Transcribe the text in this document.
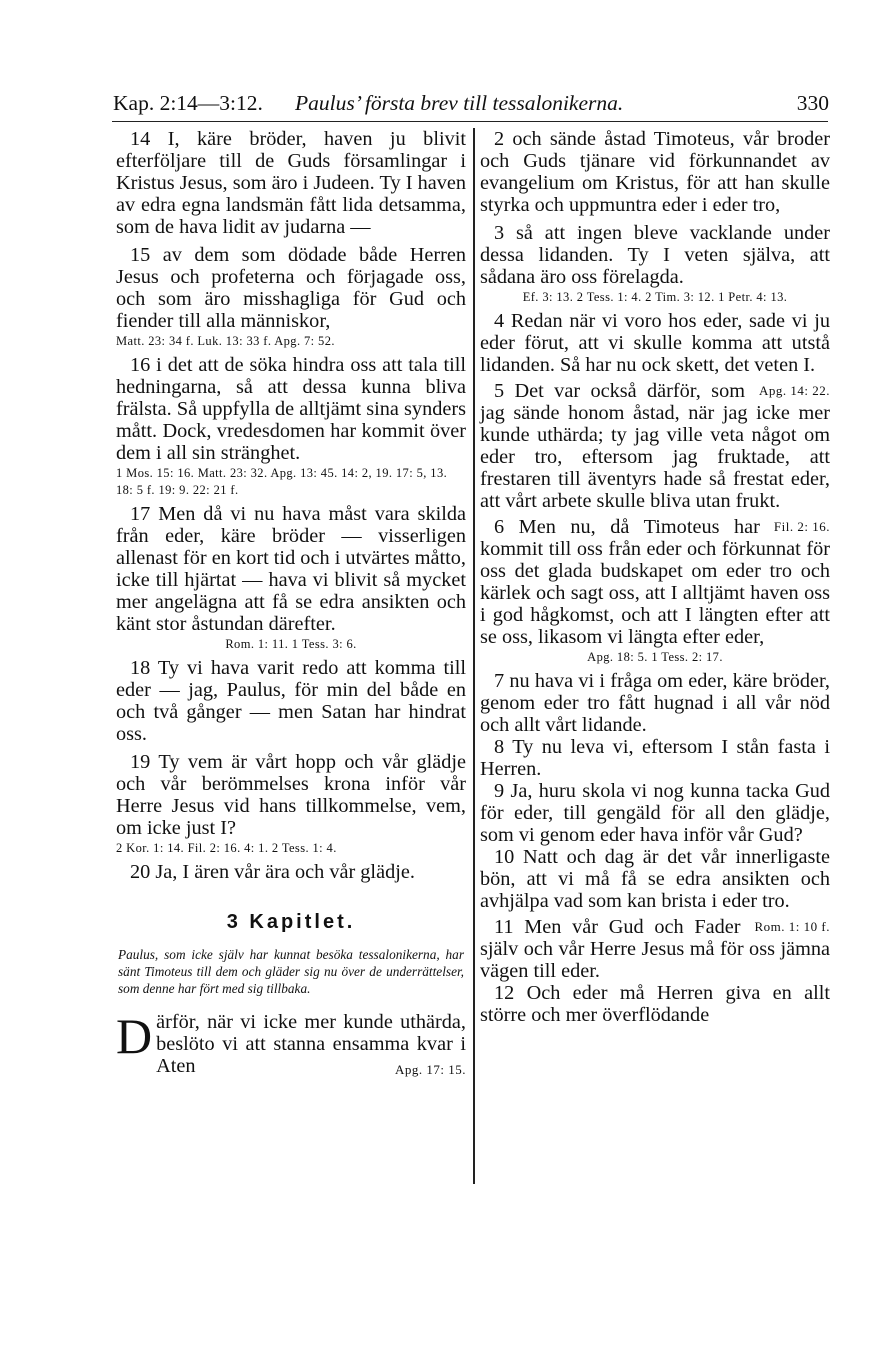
Kap. 2:14—3:12. Paulus’ första brev till tessalonikerna.	330

14 I, käre bröder, haven ju blivit efterföljare till de Guds församlingar i Kristus Jesus, som äro i Judeen. Ty I haven av edra egna landsmän fått lida detsamma, som de hava lidit av judarna —

15 av dem som dödade både Herren Jesus och profeterna och förjagade oss, och som äro misshagliga för Gud och fiender till alla människor,

Matt. 23: 34 f. Luk. 13: 33 f. Apg. 7: 52.

16 i det att de söka hindra oss att tala till hedningarna, så att dessa kunna bliva frälsta. Så uppfylla de alltjämt sina synders mått. Dock, vredesdomen har kommit över dem i all sin stränghet.

1 Mos. 15: 16. Matt. 23: 32. Apg. 13: 45. 14: 2, 19. 17: 5, 13. 18: 5 f. 19: 9. 22: 21 f.

17 Men då vi nu hava måst vara skilda från eder, käre bröder — visserligen allenast för en kort tid och i utvärtes måtto, icke till hjärtat — hava vi blivit så mycket mer angelägna att få se edra ansikten och känt stor åstundan därefter.

Rom. 1: 11. 1 Tess. 3: 6.

18 Ty vi hava varit redo att komma till eder — jag, Paulus, för min del både en och två gånger — men Satan har hindrat oss.

19 Ty vem är vårt hopp och vår glädje och vår berömmelses krona inför vår Herre Jesus vid hans tillkommelse, vem, om icke just I?

2 Kor. 1: 14. Fil. 2: 16. 4: 1. 2 Tess. 1: 4.

20 Ja, I ären vår ära och vår glädje.

3 Kapitlet.

Paulus, som icke själv har kunnat besöka tessalonikerna, har sänt Timoteus till dem och gläder sig nu över de underrättelser, som denne har fört med sig tillbaka.

Därför, när vi icke mer kunde uthärda, beslöto vi att stanna ensamma kvar i Aten	Apg. 17: 15.

2 och sände åstad Timoteus, vår broder och Guds tjänare vid förkunnandet av evangelium om Kristus, för att han skulle styrka och uppmuntra eder i eder tro,

3 så att ingen bleve vacklande under dessa lidanden. Ty I veten själva, att sådana äro oss förelagda.

Ef. 3: 13. 2 Tess. 1: 4. 2 Tim. 3: 12. 1 Petr. 4: 13.

4 Redan när vi voro hos eder, sade vi ju eder förut, att vi skulle komma att utstå lidanden. Så har nu ock skett, det veten I.
Apg. 14: 22.

5 Det var också därför, som jag sände honom åstad, när jag icke mer kunde uthärda; ty jag ville veta något om eder tro, eftersom jag fruktade, att frestaren till äventyrs hade så frestat eder, att vårt arbete skulle bliva utan frukt.
Fil. 2: 16.

6 Men nu, då Timoteus har kommit till oss från eder och förkunnat för oss det glada budskapet om eder tro och kärlek och sagt oss, att I alltjämt haven oss i god hågkomst, och att I längten efter att se oss, likasom vi längta efter eder,

Apg. 18: 5. 1 Tess. 2: 17.

7 nu hava vi i fråga om eder, käre bröder, genom eder tro fått hugnad i all vår nöd och allt vårt lidande.

8 Ty nu leva vi, eftersom I stån fasta i Herren.

9 Ja, huru skola vi nog kunna tacka Gud för eder, till gengäld för all den glädje, som vi genom eder hava inför vår Gud?

10 Natt och dag är det vår innerligaste bön, att vi må få se edra ansikten och avhjälpa vad som kan brista i eder tro.
Rom. 1: 10 f.

11 Men vår Gud och Fader själv och vår Herre Jesus må för oss jämna vägen till eder.

12 Och eder må Herren giva en allt större och mer överflödande
